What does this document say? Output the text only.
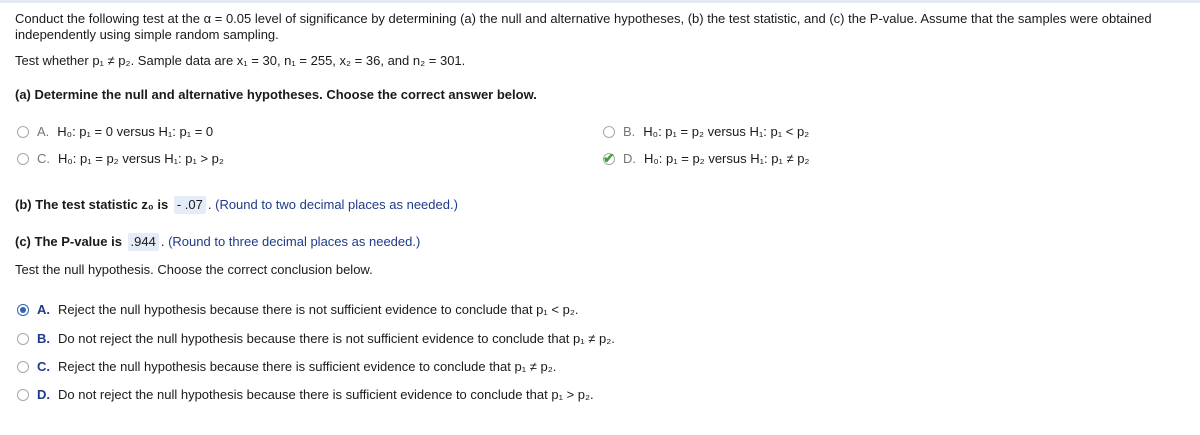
Conduct the following test at the α = 0.05 level of significance by determining (a) the null and alternative hypotheses, (b) the test statistic, and (c) the P-value. Assume that the samples were obtained independently using simple random sampling.
Test whether p₁ ≠ p₂. Sample data are x₁ = 30, n₁ = 255, x₂ = 36, and n₂ = 301.
(a) Determine the null and alternative hypotheses. Choose the correct answer below.
A. H₀: p₁ = 0 versus H₁: p₁ = 0	B. H₀: p₁ = p₂ versus H₁: p₁ < p₂
C. H₀: p₁ = p₂ versus H₁: p₁ > p₂	✔ D. H₀: p₁ = p₂ versus H₁: p₁ ≠ p₂
(b) The test statistic z₀ is - .07 . (Round to two decimal places as needed.)
(c) The P-value is .944 . (Round to three decimal places as needed.)
Test the null hypothesis. Choose the correct conclusion below.
A. Reject the null hypothesis because there is not sufficient evidence to conclude that p₁ < p₂.
B. Do not reject the null hypothesis because there is not sufficient evidence to conclude that p₁ ≠ p₂.
C. Reject the null hypothesis because there is sufficient evidence to conclude that p₁ ≠ p₂.
D. Do not reject the null hypothesis because there is sufficient evidence to conclude that p₁ > p₂.
